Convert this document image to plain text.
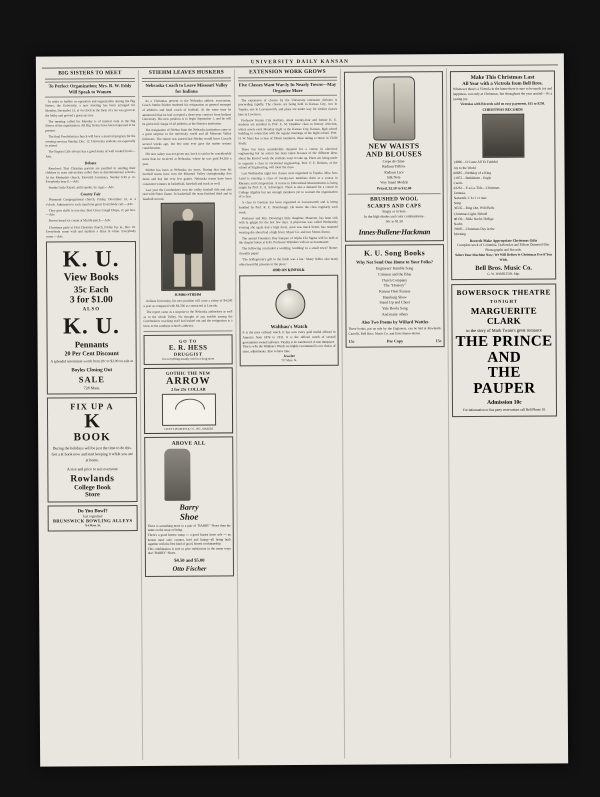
UNIVERSITY DAILY KANSAN
BIG SISTERS TO MEET
To Perfect Organization; Mrs. R. W. Eddy Will Speak to Women

In order to further co-operation and organization among the Big Sisters, the University, a new meeting has been arranged for Monday, December 13, at 4 o'clock in the form of a tea was given in the lobby and proved a great success.

The meeting called for Monday is of interest only to the Big Sisters of the organization. All Big Sisters have been requested to be present.

The final Presbyterian church will have a musical program for the evening services Sunday, Dec. 12. University students are especially to attend.

The Baptist Cafe always has a good menu of well cooked food.—Adv.

Debate

Resolved: That Christian parents are justified in sending their children to state universities rather than to denominational schools. At the Methodist church, Eleventh Louisiana, Sunday 6:45 p. m. Everybody bear it.—Adv.

Smoke Little Kaysit, mild smoke, by cigar.—Adv.

County Fair

Plymouth Congregational church, Friday, December 10, at 4 o'clock. Admission to each stand one good. Everybody call.—Adv.

They give shifts to you day. Best Cross Cough Drops, 2c per box.—Adv.

Brown bread ice cream at Myrtle-patch.—Adv.

Christmas party at First Christian church, Friday 8 p. m., Dec. 10. Everybody come with and students a dime in value. Everybody come.—Adv.

K. U.
View Books
35c Each
3 for $1.00
ALSO
K. U.
Pennants
20 Per Cent Discount
A splendid assortment worth from 20c to $2.00 on sale at
Boyles Closing Out
SALE
728 Mass.
FIX UP A
K
BOOK
During the holidays will be just the time to do this. Get a K book now and start keeping it while you are at home.
A size and price to suit everyone
Rowlands
College Book
Store
Do You Bowl?
Just organized
BRUNSWICK BOWLING ALLEYS
714 Mass. St.
STIEHM LEAVES HUSKERS
Nebraska Coach to Leave Missouri Valley for Indiana

As a Christmas present to the Nebraska athletic association, Coach Jumbo Stiehm tendered his resignation as general manager of athletics and head coach of football. At the same time he announced that he had accepted a three-year contract from Indiana University. His new position is to begin September 1, and he will be given full charge of all athletics at the Hoosier institution.

The resignation of Stiehm from the Nebraska institution came as a great surprise to the university world and all Missouri Valley followers. The rumor was started that Stiehm would leave Lincoln several weeks ago, but few men ever gave the matter serious consideration.

His new salary was not given out, but it is said to be considerably more than he received at Nebraska, where he was paid $4,500 a year.

Stiehm has been at Nebraska six years. During that time his football teams have won the Missouri Valley championship five times and lost but very few games. Nebraska teams have been consistent winners in basketball, baseball and track as well.

Last year the Cornhuskers won the valley football title and also tied with Notre Dame. In basketball the team finished third and in baseball second.

JUMBO STIEHM

Indiana University, his new position will carry a salary of $4,500 a year as compared with $4,500 as contracted at Lincoln.

The report came as a surprise to the Nebraska authorities as well as to the whole Valley. No thought of any trouble among the Cornhuskers coaching staff had leaked out and the resignation is a blow to the southern school's athletics.

GO TO
E. R. HESS
DRUGGIST
for everything usually sold in a drug store
GOTHIC THE NEW
ARROW
2 for 25c COLLAR
CLUETT, PEABODY & CO., INC., MAKERS
ABOVE ALL
Barry
Shoe
There is something more to a pair of "BARRY" Shoes than the name on the strap or lining.
There's a good honest vamp — a good honest inner sole — an honest outer sole, counter, heel and lining—all being built together with the best kind of good, honest workmanship.
This combination is sure to give satisfaction in the many ways that "BARRY" Shoes.
$4.50 and $5.00
Otto Fischer
EXTENSION WORK GROWS
Five Classes Want War-ly In Nearly Towns—May Organize More

The expansion of classes by the University extension division is proceeding rapidly. The classes are being held in Kansas City, two in Topeka, one in Leavenworth, and plans are under way for similar classes here in Lawrence.

Professor Kenny City teachers, about twenty-four and former K. U. students are enrolled in Prof. E. M. Hopkins' class in literary criticism, which meets each Monday night at the Kansas City, Kansas, high school building in connection with the regular meetings of the night school. Prof. H. W. Mars has a class of fifteen members, those taking a course in 'Child Study.'

There has been considerable demand for a course in electrical engineering but no action has been taken because of the different ideas about the kind of work the students want to take up. Plans are being made to organize a class in vocational engineering. Prof. F. E. Roberts, of the school of Engineering, will meet the class.

Last Wednesday night two classes were organized in Topeka. Miss Sara Laird is meeting a class of twenty-two members there at a course in Rhetoric and Composition. A course in Educational Measurements is being taught by Prof. E. A. Schweigert. There is also a demand for a course in College Algebra but not enough members yet to warrant the organization of a class.

A class in German has been organized at Leavenworth and is being handled by Prof. R. E. Brumbaugh. He meets the class regularly each week.

Professor and Mrs. Downing's little daughter, Maureen, has been sick with la grippe for the last few days. A physician was called Wednesday evening she again had a high fever, soon was much better, has resumed wearing she about had a high fever. Music Co. and two Stereo-Stereo.

The annual Founder's Day banquet of Alpha Chi Sigma will be held at the chapter house at 6:45. Professor Whitaker will act as toastmaster.

The following concluded a wedding 'wedding' in a small town? Home-chaseltis paper:

'The bridegroom's gift to the bride was a hat.' Many brides also many other beautiful presents to the place.'

ODD ON KINFOLK
Walthau's Watch
It is the pure railroad watch. It has won every gold medal offered in America from 1876 to 1911. It is the official watch of several government-owned railways. Vitality is its watchword. A true timepiece.
That is why the Walthau's Watch we highly recommend is our choice of sizes, adjustments. Also to have time.
Jeweler
727 Mass. St.
NEW WAISTS
AND BLOUSES
Crepe de chine-
Radium Taffeta-
Radium Lace
Silk Nets-
Very Smart Models
Priced, $2.50 to $12.00
BRUSHED WOOL
SCARFS AND CAPS
Singly or in Sets-
In the high shades and color combinations-
50c to $1.50
Innes·Bullene·Hackman
K. U. Song Books
Why Not Send One Home to Your Folks?
Engineers' Ramble Song
Crimson and the Blue
Dutch Company
The "Hosiery"
Kansas Dear Kansas
Hamburg Show
Stand Up and Cheer
Yale Boola Song
And many others
Also Two Poems by Willard Wattles
These books, put on sale by the Engineers, can be had at Rowlands, Carrolls, Bell Bros. Music Co. and Emo Stereo-Stereo.
15c	Per Copy	15c
Make This Christmas Last
All Year with a Victrola from Bell Bros.
Whenever there's a Victrola in the home there is sure to be much joy and happiness, not only at Christmas, but throughout the year around—it's a lasting joy.
Victrolas with Records sold on easy payments, $15 to $250.
CHRISTMAS RECORDS
14096—O Come All Ye Faithful
Joy to the World
60685—Birthday of a King
21872—Bethlehem - Jingle
Carols
63261—Y-u-l-e-Tide—Christmas
Fantasia,
Nazareth, C h r i s t mas
Song
36535—Ring Out, Wild Bells
Christmas Light, Behold
88139—Stille Nacht, Heilige
Nacht,
70005—Christmas Day in the
Morning
Records Make Appropriate Christmas Gifts
Complete stock of Columbia, Grafonolas and Edison Diamond Disc Phonographs and Records.
Select Your Machine Now; We Will Deliver it Christmas Eve if You Wish.
Bell Bros. Music Co.
G. W. HAMILTON, Mgr.
BOWERSOCK THEATRE
TONIGHT
MARGUERITE CLARK
in the story of Mark Twain's great romance
THE PRINCE AND
THE PAUPER
Admission 10c
For information or line party reservations call Bell Phone 10.
